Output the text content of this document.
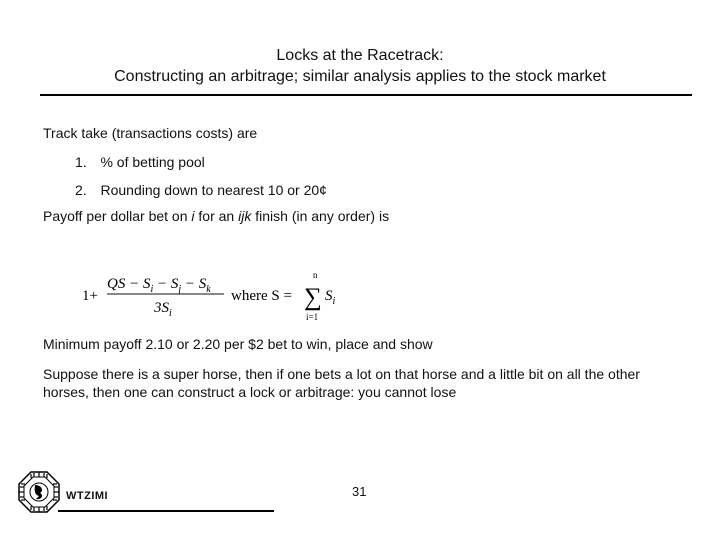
Locks at the Racetrack:
Constructing an arbitrage; similar analysis applies to the stock market
Track take (transactions costs) are
1. % of betting pool
2. Rounding down to nearest 10 or 20¢
Payoff per dollar bet on i for an ijk finish (in any order) is
1+
QS − $S_i - S_j - S_k$
$3S_i$
where S =
n
∑
i=1
$S_i$
Minimum payoff 2.10 or 2.20 per $2 bet to win, place and show
Suppose there is a super horse, then if one bets a lot on that horse and a little bit on all the other horses, then one can construct a lock or arbitrage: you cannot lose
31
WTZIMI
